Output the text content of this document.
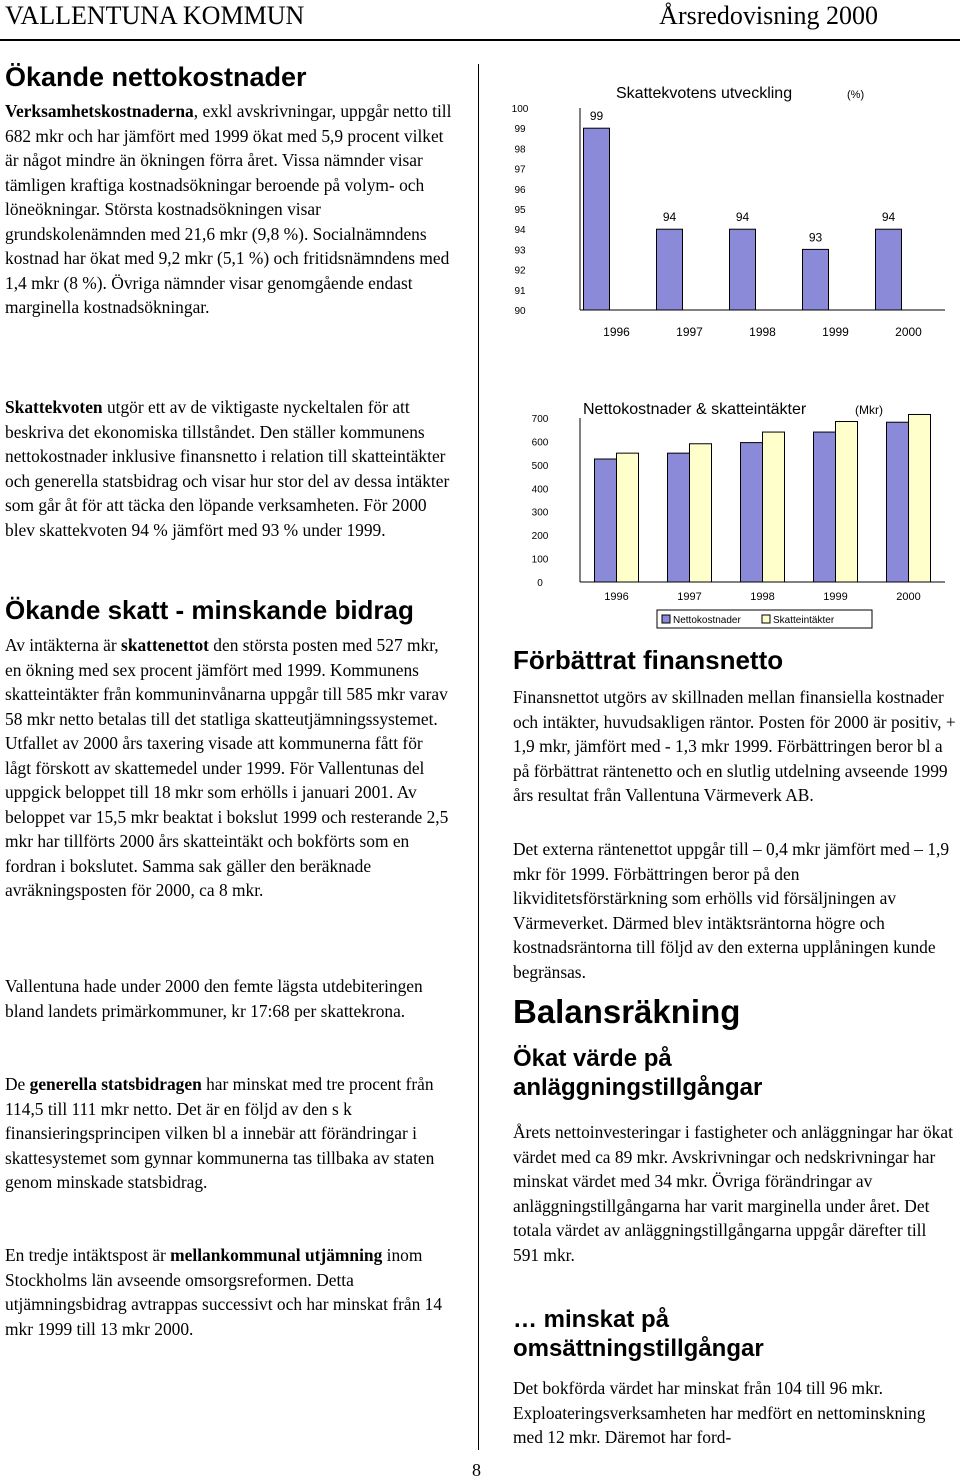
VALLENTUNA KOMMUN	Årsredovisning 2000
Ökande nettokostnader

Verksamhetskostnaderna, exkl avskrivningar, uppgår netto till 682 mkr och har jämfört med 1999 ökat med 5,9 procent vilket är något mindre än ökningen förra året. Vissa nämnder visar tämligen kraftiga kostnadsökningar beroende på volym- och löneökningar. Största kostnadsökningen visar grundskolenämnden med 21,6 mkr (9,8 %). Socialnämndens kostnad har ökat med 9,2 mkr (5,1 %) och fritidsnämndens med 1,4 mkr (8 %). Övriga nämnder visar genomgående endast marginella kostnadsökningar.

Skattekvoten utgör ett av de viktigaste nyckeltalen för att beskriva det ekonomiska tillståndet. Den ställer kommunens nettokostnader inklusive finansnetto i relation till skatteintäkter och generella statsbidrag och visar hur stor del av dessa intäkter som går åt för att täcka den löpande verksamheten. För 2000 blev skattekvoten 94 % jämfört med 93 % under 1999.

Ökande skatt - minskande bidrag

Av intäkterna är skattenettot den största posten med 527 mkr, en ökning med sex procent jämfört med 1999. Kommunens skatteintäkter från kommuninvånarna uppgår till 585 mkr varav 58 mkr netto betalas till det statliga skatteutjämningssystemet. Utfallet av 2000 års taxering visade att kommunerna fått för lågt förskott av skattemedel under 1999. För Vallentunas del uppgick beloppet till 18 mkr som erhölls i januari 2001. Av beloppet var 15,5 mkr beaktat i bokslut 1999 och resterande 2,5 mkr har tillförts 2000 års skatteintäkt och bokförts som en fordran i bokslutet. Samma sak gäller den beräknade avräkningsposten för 2000, ca 8 mkr.

Vallentuna hade under 2000 den femte lägsta utdebiteringen bland landets primärkommuner, kr 17:68 per skattekrona.

De generella statsbidragen har minskat med tre procent från 114,5 till 111 mkr netto. Det är en följd av den s k finansieringsprincipen vilken bl a innebär att förändringar i skattesystemet som gynnar kommunerna tas tillbaka av staten genom minskade statsbidrag.

En tredje intäktspost är mellankommunal utjämning inom Stockholms län avseende omsorgsreformen. Detta utjämningsbidrag avtrappas successivt och har minskat från 14 mkr 1999 till 13 mkr 2000.

Skattekvotens utveckling	(%)
100
99
98
97
96
95
94
93
92
91
90
99
1996
94
1997
94
1998
93
1999
94
2000
Nettokostnader & skatteintäkter	(Mkr)
700
600
500
400
300
200
100
0
1996	1997	1998	1999	2000
Nettokostnader	Skatteintäkter
Förbättrat finansnetto

Finansnettot utgörs av skillnaden mellan finansiella kostnader och intäkter, huvudsakligen räntor. Posten för 2000 är positiv, + 1,9 mkr, jämfört med - 1,3 mkr 1999. Förbättringen beror bl a på förbättrat räntenetto och en slutlig utdelning avseende 1999 års resultat från Vallentuna Värmeverk AB.

Det externa räntenettot uppgår till – 0,4 mkr jämfört med – 1,9 mkr för 1999. Förbättringen beror på den likviditetsförstärkning som erhölls vid försäljningen av Värmeverket. Därmed blev intäktsräntorna högre och kostnadsräntorna till följd av den externa upplåningen kunde begränsas.

Balansräkning
Ökat värde på anläggningstillgångar

Årets nettoinvesteringar i fastigheter och anläggningar har ökat värdet med ca 89 mkr. Avskrivningar och nedskrivningar har minskat värdet med 34 mkr. Övriga förändringar av anläggningstillgångarna har varit marginella under året. Det totala värdet av anläggningstillgångarna uppgår därefter till 591 mkr.

… minskat på omsättningstillgångar

Det bokförda värdet har minskat från 104 till 96 mkr. Exploateringsverksamheten har medfört en nettominskning med 12 mkr. Däremot har ford-

8
